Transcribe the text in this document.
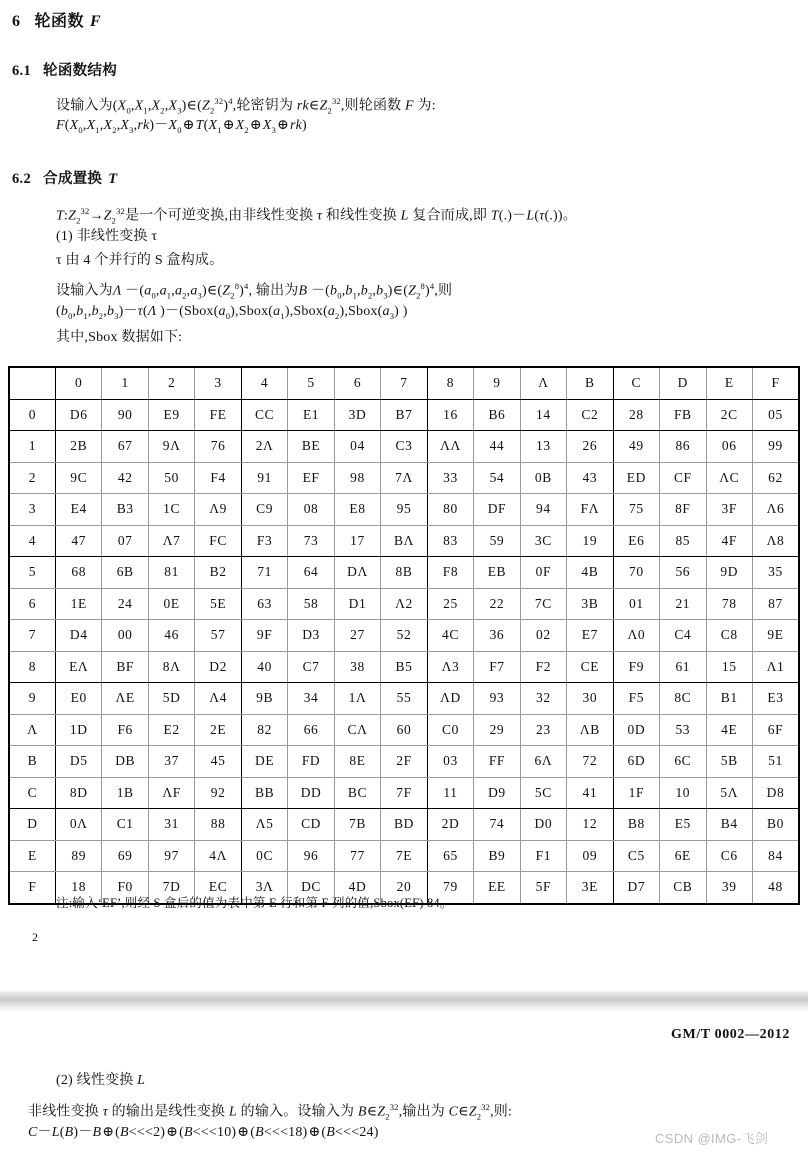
6 轮函数 F
6.1 轮函数结构
设输入为$(X_0,X_1,X_2,X_3)\in(Z_2^{32})^4$,轮密钥为 $rk\in Z_2^{32}$,则轮函数 F 为:
$F(X_0,X_1,X_2,X_3,rk)-X_0\oplus T(X_1\oplus X_2\oplus X_3\oplus rk)$
6.2 合成置换 T
$T:Z_2^{32}\to Z_2^{32}$是一个可逆变换,由非线性变换 τ 和线性变换 L 复合而成,即 T(.)－L(τ(.))。
(1) 非线性变换 τ
τ 由 4 个并行的 S 盒构成。
设输入为$\Lambda -(a_0,a_1,a_2,a_3)\in(Z_2^8)^4$, 输出为$B -(b_0,b_1,b_2,b_3)\in(Z_2^8)^4$,则
$(b_0,b_1,b_2,b_3)-\tau(\Lambda$ )$-(Sbox(a_0),Sbox(a_1),Sbox(a_2),Sbox(a_3)$ )
其中,Sbox 数据如下:
	0	1	2	3	4	5	6	7	8	9	Λ	B	C	D	E	F
0	D6	90	E9	FE	CC	E1	3D	B7	16	B6	14	C2	28	FB	2C	05
1	2B	67	9Λ	76	2Λ	BE	04	C3	ΛΛ	44	13	26	49	86	06	99
2	9C	42	50	F4	91	EF	98	7Λ	33	54	0B	43	ED	CF	ΛC	62
3	E4	B3	1C	Λ9	C9	08	E8	95	80	DF	94	FΛ	75	8F	3F	Λ6
4	47	07	Λ7	FC	F3	73	17	BΛ	83	59	3C	19	E6	85	4F	Λ8
5	68	6B	81	B2	71	64	DΛ	8B	F8	EB	0F	4B	70	56	9D	35
6	1E	24	0E	5E	63	58	D1	Λ2	25	22	7C	3B	01	21	78	87
7	D4	00	46	57	9F	D3	27	52	4C	36	02	E7	Λ0	C4	C8	9E
8	EΛ	BF	8Λ	D2	40	C7	38	B5	Λ3	F7	F2	CE	F9	61	15	Λ1
9	E0	ΛE	5D	Λ4	9B	34	1Λ	55	ΛD	93	32	30	F5	8C	B1	E3
Λ	1D	F6	E2	2E	82	66	CΛ	60	C0	29	23	ΛB	0D	53	4E	6F
B	D5	DB	37	45	DE	FD	8E	2F	03	FF	6Λ	72	6D	6C	5B	51
C	8D	1B	ΛF	92	BB	DD	BC	7F	11	D9	5C	41	1F	10	5Λ	D8
D	0Λ	C1	31	88	Λ5	CD	7B	BD	2D	74	D0	12	B8	E5	B4	B0
E	89	69	97	4Λ	0C	96	77	7E	65	B9	F1	09	C5	6E	C6	84
F	18	F0	7D	EC	3Λ	DC	4D	20	79	EE	5F	3E	D7	CB	39	48
注:输入‘EF’,则经 S 盒后的值为表中第 E 行和第 F 列的值,Sbox(EF) 84。
2
GM/T 0002—2012
(2) 线性变换 L
非线性变换 τ 的输出是线性变换 L 的输入。设输入为 $B\in Z_2^{32}$,输出为 $C\in Z_2^{32}$,则:
C－L(B)－B⊕(B<<<2)⊕(B<<<10)⊕(B<<<18)⊕(B<<<24)	CSDN @IMG-飞剑
